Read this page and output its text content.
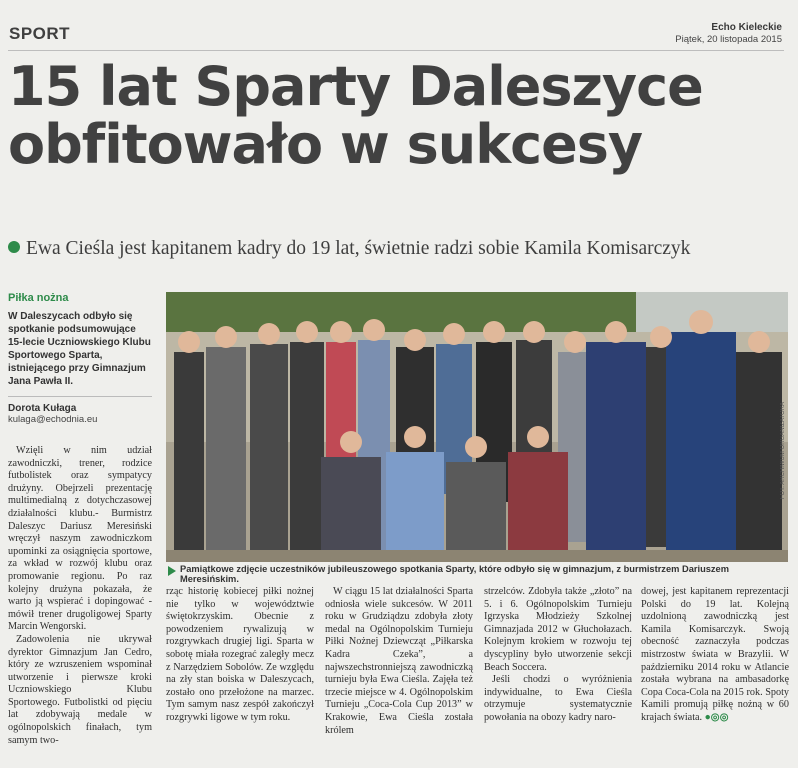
SPORT	Echo Kieleckie
Piątek, 20 listopada 2015
15 lat Sparty Daleszyce
obfitowało w sukcesy
Ewa Cieśla jest kapitanem kadry do 19 lat, świetnie radzi sobie Kamila Komisarczyk
Piłka nożna
W Daleszycach odbyło się spotkanie podsumowujące 15-lecie Uczniowskiego Klubu Sportowego Sparta, istniejącego przy Gimnazjum Jana Pawła II.
Dorota Kułaga
kulaga@echodnia.eu

Wzięli w nim udział zawodniczki, trener, rodzice futbolistek oraz sympatycy drużyny. Obejrzeli prezentację multimedialną z dotychczasowej działalności klubu.- Burmistrz Daleszyc Dariusz Meresiński wręczył naszym zawodniczkom upominki za osiągnięcia sportowe, za wkład w rozwój klubu oraz promowanie regionu. Po raz kolejny drużyna pokazała, że warto ją wspierać i dopingować - mówił trener drugoligowej Sparty Marcin Wengorski.

Zadowolenia nie ukrywał dyrektor Gimnazjum Jan Cedro, który ze wzruszeniem wspominał utworzenie i pierwsze kroki Uczniowskiego Klubu Sportowego. Futbolistki od pięciu lat zdobywają medale w ogólnopolskich finałach, tym samym two-

FOT. ARCHIWUM ORGANIZATORA
Pamiątkowe zdjęcie uczestników jubileuszowego spotkania Sparty, które odbyło się w gimnazjum, z burmistrzem Dariuszem Meresińskim.
rząc historię kobiecej piłki nożnej nie tylko w województwie świętokrzyskim. Obecnie z powodzeniem rywalizują w rozgrywkach drugiej ligi. Sparta w sobotę miała rozegrać zaległy mecz z Narzędziem Sobolów. Ze względu na zły stan boiska w Daleszycach, zostało ono przełożone na marzec. Tym samym nasz zespół zakończył rozgrywki ligowe w tym roku.

W ciągu 15 lat działalności Sparta odniosła wiele sukcesów. W 2011 roku w Grudziądzu zdobyła złoty medal na Ogólnopolskim Turnieju Piłki Nożnej Dziewcząt „Piłkarska Kadra Czeka”, a najwszechstronniejszą zawodniczką turnieju była Ewa Cieśla. Zajęła też trzecie miejsce w 4. Ogólnopolskim Turnieju „Coca-Cola Cup 2013” w Krakowie, Ewa Cieśla została królem

strzelców. Zdobyła także „złoto” na 5. i 6. Ogólnopolskim Turnieju Igrzyska Młodzieży Szkolnej Gimnazjada 2012 w Głuchołazach. Kolejnym krokiem w rozwoju tej dyscypliny było utworzenie sekcji Beach Soccera.

Jeśli chodzi o wyróżnienia indywidualne, to Ewa Cieśla otrzymuje systematycznie powołania na obozy kadry naro-

dowej, jest kapitanem reprezentacji Polski do 19 lat. Kolejną uzdolnioną zawodniczką jest Kamila Komisarczyk. Swoją obecność zaznaczyła podczas mistrzostw świata w Brazylii. W październiku 2014 roku w Atlancie została wybrana na ambasadorkę Copa Coca-Cola na 2015 rok. Spoty Kamili promują piłkę nożną w 60 krajach świata. ●◎◎
